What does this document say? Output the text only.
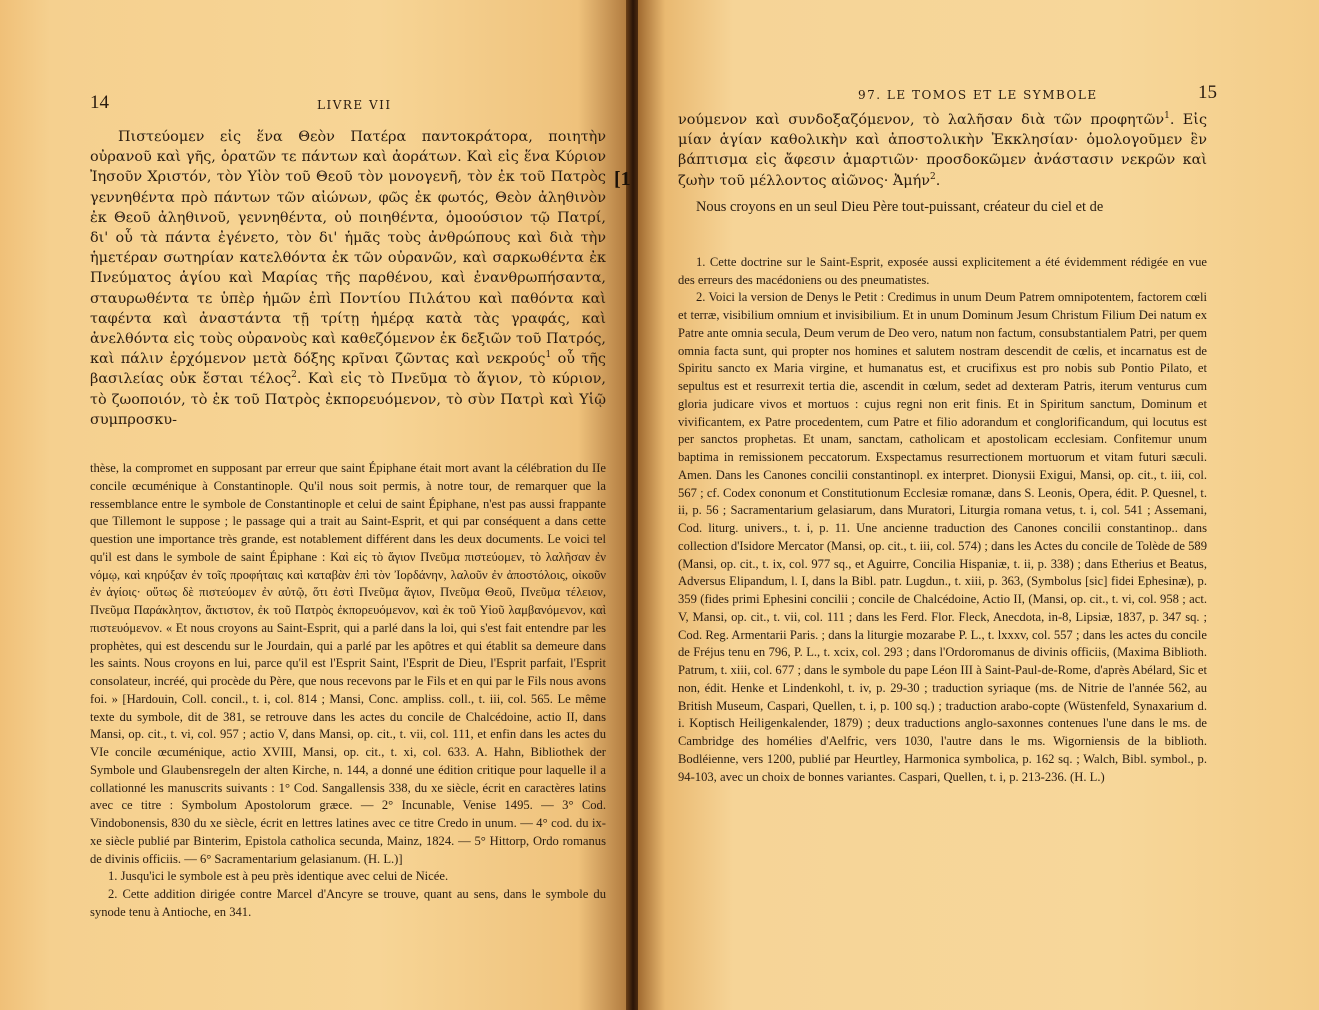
14	LIVRE VII

Πιστεύομεν εἰς ἕνα Θεὸν Πατέρα παντοκράτορα, ποιητὴν οὐρανοῦ καὶ γῆς, ὁρατῶν τε πάντων καὶ ἀοράτων. Καὶ εἰς ἕνα Κύριον Ἰησοῦν Χριστόν, τὸν Υἱὸν τοῦ Θεοῦ τὸν μονογενῆ, τὸν ἐκ τοῦ Πατρὸς γεννηθέντα πρὸ πάντων τῶν αἰώνων, φῶς ἐκ φωτός, Θεὸν ἀληθινὸν ἐκ Θεοῦ ἀληθινοῦ, γεννηθέντα, οὐ ποιηθέντα, ὁμοούσιον τῷ Πατρί, δι' οὗ τὰ πάντα ἐγένετο, τὸν δι' ἡμᾶς τοὺς ἀνθρώπους καὶ διὰ τὴν ἡμετέραν σωτηρίαν κατελθόντα ἐκ τῶν οὐρανῶν, καὶ σαρκωθέντα ἐκ Πνεύματος ἁγίου καὶ Μαρίας τῆς παρθένου, καὶ ἐνανθρωπήσαντα, σταυρωθέντα τε ὑπὲρ ἡμῶν ἐπὶ Ποντίου Πιλάτου καὶ παθόντα καὶ ταφέντα καὶ ἀναστάντα τῇ τρίτῃ ἡμέρᾳ κατὰ τὰς γραφάς, καὶ ἀνελθόντα εἰς τοὺς οὐρανοὺς καὶ καθεζόμενον ἐκ δεξιῶν τοῦ Πατρός, καὶ πάλιν ἐρχόμενον μετὰ δόξης κρῖναι ζῶντας καὶ νεκρούς$^1$ οὗ τῆς βασιλείας οὐκ ἔσται τέλος$^2$. Καὶ εἰς τὸ Πνεῦμα τὸ ἅγιον, τὸ κύριον, τὸ ζωοποιόν, τὸ ἐκ τοῦ Πατρὸς ἐκπορευόμενον, τὸ σὺν Πατρὶ καὶ Υἱῷ συμπροσκυ-

thèse, la compromet en supposant par erreur que saint Épiphane était mort avant la célébration du IIe concile œcuménique à Constantinople. Qu'il nous soit permis, à notre tour, de remarquer que la ressemblance entre le symbole de Constantinople et celui de saint Épiphane, n'est pas aussi frappante que Tillemont le suppose ; le passage qui a trait au Saint-Esprit, et qui par conséquent a dans cette question une importance très grande, est notablement différent dans les deux documents. Le voici tel qu'il est dans le symbole de saint Épiphane : Καὶ εἰς τὸ ἅγιον Πνεῦμα πιστεύομεν, τὸ λαλῆσαν ἐν νόμῳ, καὶ κηρύξαν ἐν τοῖς προφήταις καὶ καταβὰν ἐπὶ τὸν Ἰορδάνην, λαλοῦν ἐν ἀποστόλοις, οἰκοῦν ἐν ἁγίοις· οὕτως δὲ πιστεύομεν ἐν αὐτῷ, ὅτι ἐστὶ Πνεῦμα ἅγιον, Πνεῦμα Θεοῦ, Πνεῦμα τέλειον, Πνεῦμα Παράκλητον, ἄκτιστον, ἐκ τοῦ Πατρὸς ἐκπορευόμενον, καὶ ἐκ τοῦ Υἱοῦ λαμβανόμενον, καὶ πιστευόμενον. « Et nous croyons au Saint-Esprit, qui a parlé dans la loi, qui s'est fait entendre par les prophètes, qui est descendu sur le Jourdain, qui a parlé par les apôtres et qui établit sa demeure dans les saints. Nous croyons en lui, parce qu'il est l'Esprit Saint, l'Esprit de Dieu, l'Esprit parfait, l'Esprit consolateur, incréé, qui procède du Père, que nous recevons par le Fils et en qui par le Fils nous avons foi. » [Hardouin, Coll. concil., t. i, col. 814 ; Mansi, Conc. ampliss. coll., t. iii, col. 565. Le même texte du symbole, dit de 381, se retrouve dans les actes du concile de Chalcédoine, actio II, dans Mansi, op. cit., t. vi, col. 957 ; actio V, dans Mansi, op. cit., t. vii, col. 111, et enfin dans les actes du VIe concile œcuménique, actio XVIII, Mansi, op. cit., t. xi, col. 633. A. Hahn, Bibliothek der Symbole und Glaubensregeln der alten Kirche, n. 144, a donné une édition critique pour laquelle il a collationné les manuscrits suivants : 1° Cod. Sangallensis 338, du xe siècle, écrit en caractères latins avec ce titre : Symbolum Apostolorum græce. — 2° Incunable, Venise 1495. — 3° Cod. Vindobonensis, 830 du xe siècle, écrit en lettres latines avec ce titre Credo in unum. — 4° cod. du ix-xe siècle publié par Binterim, Epistola catholica secunda, Mainz, 1824. — 5° Hittorp, Ordo romanus de divinis officiis. — 6° Sacramentarium gelasianum. (H. L.)]

1. Jusqu'ici le symbole est à peu près identique avec celui de Nicée.

2. Cette addition dirigée contre Marcel d'Ancyre se trouve, quant au sens, dans le symbole du synode tenu à Antioche, en 341.

[1
97. LE TOMOS ET LE SYMBOLE	15

νούμενον καὶ συνδοξαζόμενον, τὸ λαλῆσαν διὰ τῶν προφητῶν$^1$. Εἰς μίαν ἁγίαν καθολικὴν καὶ ἀποστολικὴν Ἐκκλησίαν· ὁμολογοῦμεν ἓν βάπτισμα εἰς ἄφεσιν ἁμαρτιῶν· προσδοκῶμεν ἀνάστασιν νεκρῶν καὶ ζωὴν τοῦ μέλλοντος αἰῶνος· Ἀμήν$^2$.

Nous croyons en un seul Dieu Père tout-puissant, créateur du ciel et de

1. Cette doctrine sur le Saint-Esprit, exposée aussi explicitement a été évidemment rédigée en vue des erreurs des macédoniens ou des pneumatistes.

2. Voici la version de Denys le Petit : Credimus in unum Deum Patrem omnipotentem, factorem cœli et terræ, visibilium omnium et invisibilium. Et in unum Dominum Jesum Christum Filium Dei natum ex Patre ante omnia secula, Deum verum de Deo vero, natum non factum, consubstantialem Patri, per quem omnia facta sunt, qui propter nos homines et salutem nostram descendit de cœlis, et incarnatus est de Spiritu sancto ex Maria virgine, et humanatus est, et crucifixus est pro nobis sub Pontio Pilato, et sepultus est et resurrexit tertia die, ascendit in cœlum, sedet ad dexteram Patris, iterum venturus cum gloria judicare vivos et mortuos : cujus regni non erit finis. Et in Spiritum sanctum, Dominum et vivificantem, ex Patre procedentem, cum Patre et filio adorandum et conglorificandum, qui locutus est per sanctos prophetas. Et unam, sanctam, catholicam et apostolicam ecclesiam. Confitemur unum baptima in remissionem peccatorum. Exspectamus resurrectionem mortuorum et vitam futuri sæculi. Amen. Dans les Canones concilii constantinopl. ex interpret. Dionysii Exigui, Mansi, op. cit., t. iii, col. 567 ; cf. Codex cononum et Constitutionum Ecclesiæ romanæ, dans S. Leonis, Opera, édit. P. Quesnel, t. ii, p. 56 ; Sacramentarium gelasiarum, dans Muratori, Liturgia romana vetus, t. i, col. 541 ; Assemani, Cod. liturg. univers., t. i, p. 11. Une ancienne traduction des Canones concilii constantinop.. dans collection d'Isidore Mercator (Mansi, op. cit., t. iii, col. 574) ; dans les Actes du concile de Tolède de 589 (Mansi, op. cit., t. ix, col. 977 sq., et Aguirre, Concilia Hispaniæ, t. ii, p. 338) ; dans Etherius et Beatus, Adversus Elipandum, l. I, dans la Bibl. patr. Lugdun., t. xiii, p. 363, (Symbolus [sic] fidei Ephesinæ), p. 359 (fides primi Ephesini concilii ; concile de Chalcédoine, Actio II, (Mansi, op. cit., t. vi, col. 958 ; act. V, Mansi, op. cit., t. vii, col. 111 ; dans les Ferd. Flor. Fleck, Anecdota, in-8, Lipsiæ, 1837, p. 347 sq. ; Cod. Reg. Armentarii Paris. ; dans la liturgie mozarabe P. L., t. lxxxv, col. 557 ; dans les actes du concile de Fréjus tenu en 796, P. L., t. xcix, col. 293 ; dans l'Ordoromanus de divinis officiis, (Maxima Biblioth. Patrum, t. xiii, col. 677 ; dans le symbole du pape Léon III à Saint-Paul-de-Rome, d'après Abélard, Sic et non, édit. Henke et Lindenkohl, t. iv, p. 29-30 ; traduction syriaque (ms. de Nitrie de l'année 562, au British Museum, Caspari, Quellen, t. i, p. 100 sq.) ; traduction arabo-copte (Wüstenfeld, Synaxarium d. i. Koptisch Heiligenkalender, 1879) ; deux traductions anglo-saxonnes contenues l'une dans le ms. de Cambridge des homélies d'Aelfric, vers 1030, l'autre dans le ms. Wigorniensis de la biblioth. Bodléienne, vers 1200, publié par Heurtley, Harmonica symbolica, p. 162 sq. ; Walch, Bibl. symbol., p. 94-103, avec un choix de bonnes variantes. Caspari, Quellen, t. i, p. 213-236. (H. L.)
